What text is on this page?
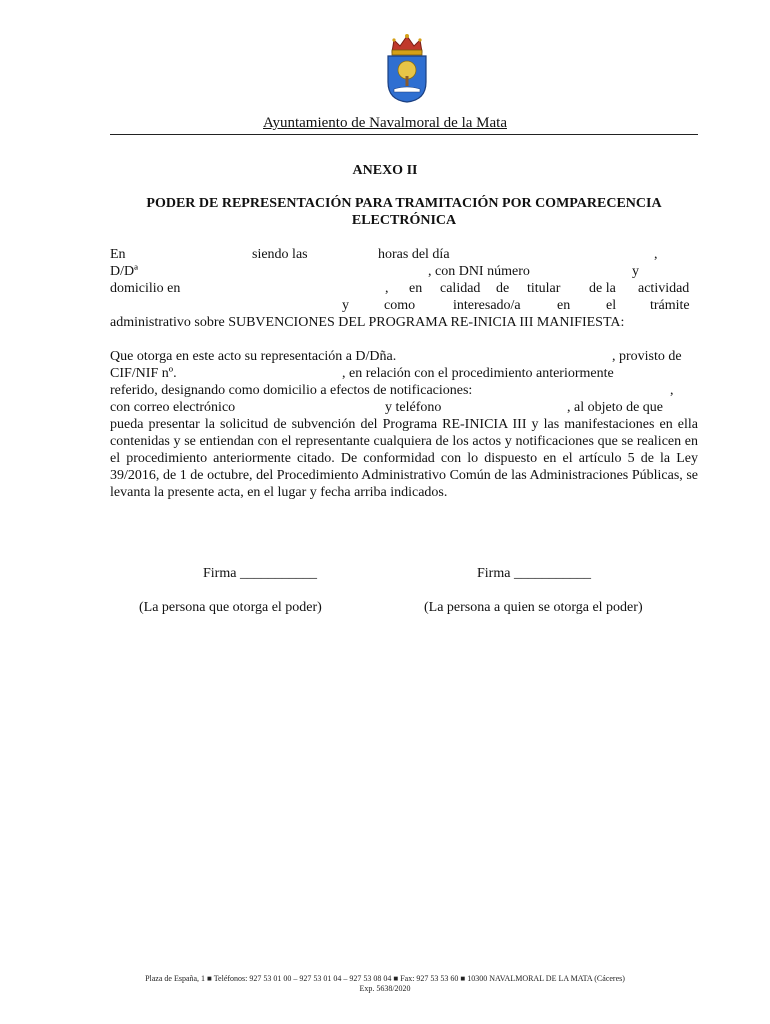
Ayuntamiento de Navalmoral de la Mata
ANEXO II
PODER DE REPRESENTACIÓN PARA TRAMITACIÓN POR COMPARECENCIA
ELECTRÓNICA
En	siendo las	horas del día	,
D/Dª	, con DNI número	y
domicilio en	, en calidad de titular de la actividad
y	como	interesado/a	en	el trámite
administrativo sobre SUBVENCIONES DEL PROGRAMA RE-INICIA III MANIFIESTA:
Que otorga en este acto su representación a D/Dña.	, provisto de
CIF/NIF nº.	, en relación con el procedimiento anteriormente
referido, designando como domicilio a efectos de notificaciones:	,
con correo electrónico	y teléfono	, al objeto de que
pueda presentar la solicitud de subvención del Programa RE-INICIA III y las manifestaciones en ella contenidas y se entiendan con el representante cualquiera de los actos y notificaciones que se realicen en el procedimiento anteriormente citado. De conformidad con lo dispuesto en el artículo 5 de la Ley 39/2016, de 1 de octubre, del Procedimiento Administrativo Común de las Administraciones Públicas, se levanta la presente acta, en el lugar y fecha arriba indicados.
Firma ___________
(La persona que otorga el poder)
Firma ___________
(La persona a quien se otorga el poder)
Plaza de España, 1 ■ Teléfonos: 927 53 01 00 – 927 53 01 04 – 927 53 08 04 ■ Fax: 927 53 53 60 ■ 10300 NAVALMORAL DE LA MATA (Cáceres)
Exp. 5638/2020
